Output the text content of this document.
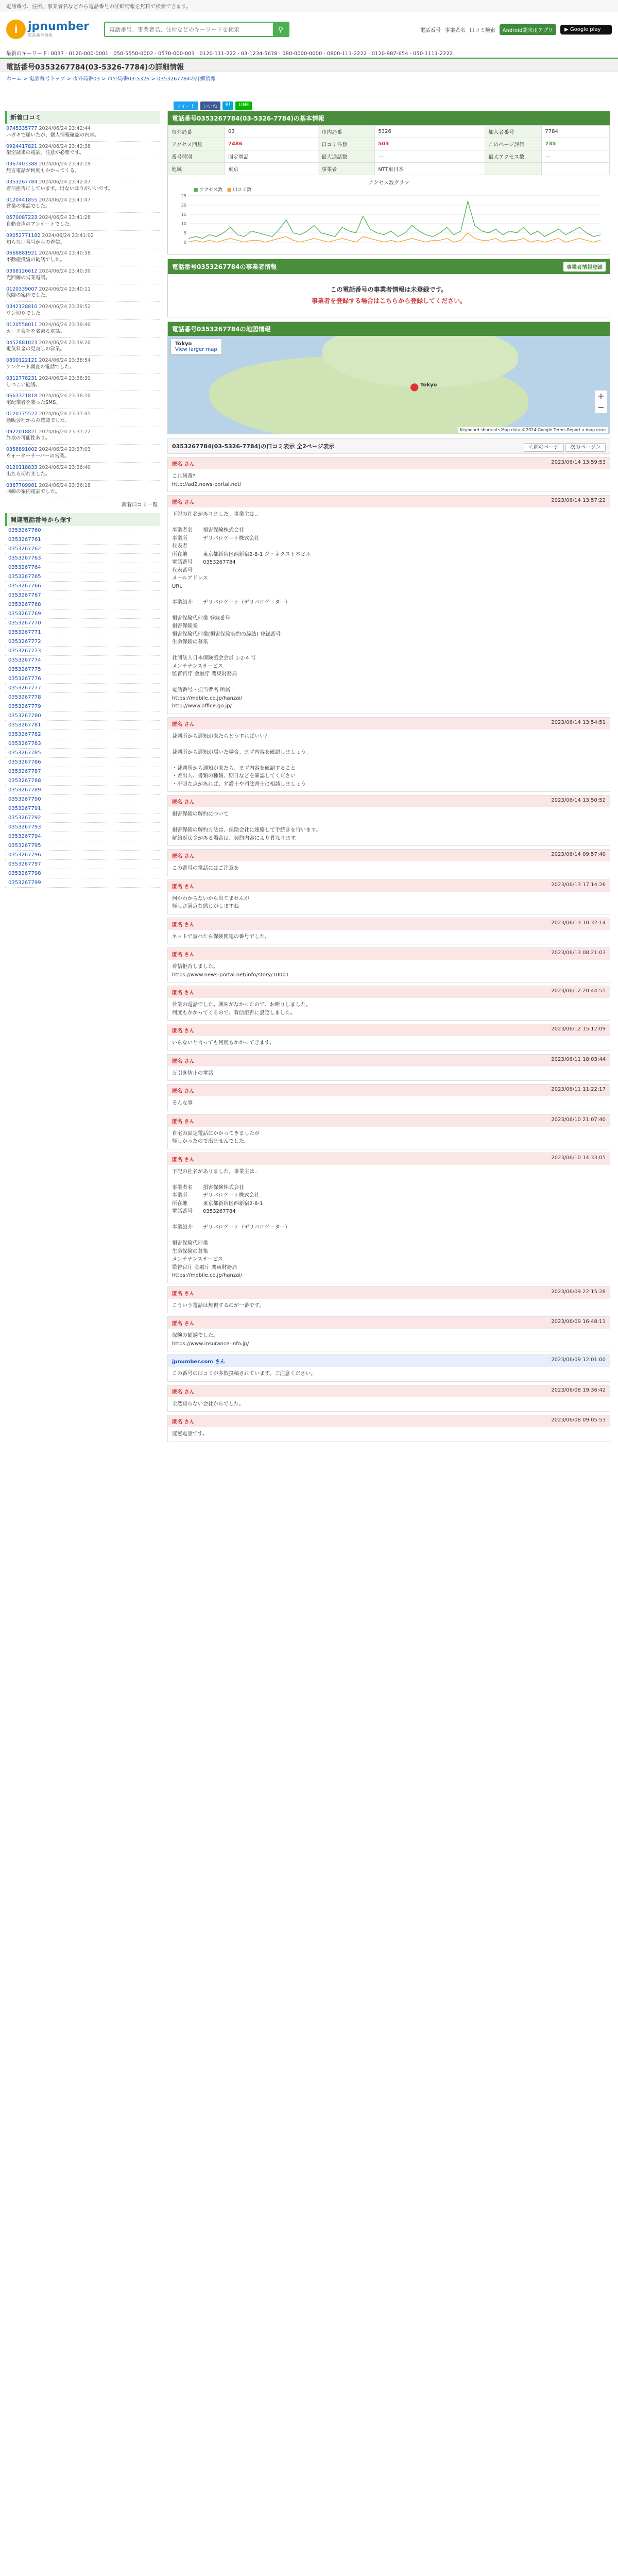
電話番号、住所、事業者名などから電話番号の詳細情報を無料で検索できます。
i jpnumber
電話番号検索
電話番号、事業者名、住所などのキーワードを検索
⚲	電話番号 事業者名 口コミ検索	Android端末用アプリ	▶ Google play
最新のキーワード: 0037 · 0120-000-0001 · 050-5550-0002 · 0570-000-003 · 0120-111-222 · 03-1234-5678 · 080-0000-0000 · 0800-111-2222 · 0120-987-654 · 050-1111-2222
電話番号0353267784(03-5326-7784)の詳細情報
ホーム > 電話番号トップ > 市外局番03 > 市外局番03-5326 > 0353267784の詳細情報
ツイート	いいね	B!	LINE
新着口コミ
0745335777 2024/06/24 23:42:44
ハガキで届いたが、個人情報確認の内容。
0924417821 2024/06/24 23:42:38
架空請求の電話。注意が必要です。
0367403388 2024/06/24 23:42:19
無言電話が何度もかかってくる。
0353267784 2024/06/24 23:42:07
着信拒否にしています。出ないほうがいいです。
0120441855 2024/06/24 23:41:47
営業の電話でした。
0570087223 2024/06/24 23:41:28
自動音声のアンケートでした。
09052771182 2024/06/24 23:41:02
知らない番号からの着信。
0668881921 2024/06/24 23:40:58
不動産投資の勧誘でした。
0368126612 2024/06/24 23:40:30
光回線の営業電話。
0120339007 2024/06/24 23:40:11
保険の案内でした。
0342128810 2024/06/24 23:39:52
ワン切りでした。
0120558011 2024/06/24 23:39:40
カード会社を名乗る電話。
0452881023 2024/06/24 23:39:20
電気料金の見直しの営業。
0800122121 2024/06/24 23:38:54
アンケート調査の電話でした。
0312778231 2024/06/24 23:38:31
しつこい勧誘。
0663321818 2024/06/24 23:38:10
宅配業者を装ったSMS。
0120775522 2024/06/24 23:37:45
通販会社からの確認でした。
0922018821 2024/06/24 23:37:22
詐欺の可能性あり。
0358891002 2024/06/24 23:37:03
ウォーターサーバーの営業。
0120118833 2024/06/24 23:36:40
出たら切れました。
0367709981 2024/06/24 23:36:18
回線の案内電話でした。
新着口コミ一覧
関連電話番号から探す
0353267760
0353267761
0353267762
0353267763
0353267764
0353267765
0353267766
0353267767
0353267768
0353267769
0353267770
0353267771
0353267772
0353267773
0353267774
0353267775
0353267776
0353267777
0353267778
0353267779
0353267780
0353267781
0353267782
0353267783
0353267785
0353267786
0353267787
0353267788
0353267789
0353267790
0353267791
0353267792
0353267793
0353267794
0353267795
0353267796
0353267797
0353267798
0353267799
電話番号0353267784(03-5326-7784)の基本情報
市外局番	03	市内局番	5326	加入者番号	7784
アクセス回数	7486	口コミ件数	503	このページ評価	735
番号種別	固定電話	最大通話数	ー	最大アクセス数	ー
地域	東京	事業者	NTT東日本		
アクセス数グラフ
■ アクセス数 ■ 口コミ数
0
5
10
15
20
25
電話番号0353267784の事業者情報	事業者情報登録
この電話番号の事業者情報は未登録です。
事業者を登録する場合はこちらから登録してください。
電話番号0353267784の地図情報
Tokyo
View larger map
● Tokyo
+
−
Keyboard shortcuts Map data ©2024 Google Terms Report a map error
0353267784(03-5326-7784)の口コミ表示 全2ページ表示	＜前のページ 次のページ＞
匿名 さん	2023/06/14 13:59:53
これ何番?
http://ad2.news-portal.net/
匿名 さん	2023/06/14 13:57:22
下記の社名がありました。事業主は‥

事業者名　　損害保険株式会社
事業所　　　デリバロゲート株式会社
代表者
所在地　　　東京都新宿区西新宿2-8-1 ジ・ネクスト本ビル
電話番号　　0353267784
代表番号
メールアドレス
URL

事業紹介　　デリバロゲート（デリバロゲーター）

損害保険代理業 登録番号
損害保険業
損害保険代理業(損害保険契約の締結) 登録番号
生命保険の募集

社団法人日本保険協会会員 1-2-4 号
メンテナンスサービス
監督官庁 金融庁 関東財務局

電話番号・担当者名 所属
https://mobile.co.jp/hanzai/
http://www.office.go.jp/
匿名 さん	2023/06/14 13:54:51
裁判所から通知が来たらどうすればいい？

裁判所から通知が届いた場合、まず内容を確認しましょう。

・裁判所から通知が来たら、まず内容を確認すること
・差出人、書類の種類、期日などを確認してください
・不明な点があれば、弁護士や司法書士に相談しましょう
匿名 さん	2023/06/14 13:50:52
損害保険の解約について

損害保険の解約方法は、保険会社に連絡して手続きを行います。
解約返戻金がある場合は、契約内容により異なります。
匿名 さん	2023/06/14 09:57:40
この番号の電話にはご注意を
匿名 さん	2023/06/13 17:14:26
何かわからないから出てませんが
怪しさ満点な感じがしますね
匿名 さん	2023/06/13 10:32:14
ネットで調べたら保険関連の番号でした。
匿名 さん	2023/06/13 08:21:03
着信拒否しました。
https://www.news-portal.net/info/story/10001
匿名 さん	2023/06/12 20:44:51
営業の電話でした。興味がなかったので、お断りしました。
何度もかかってくるので、着信拒否に設定しました。
匿名 さん	2023/06/12 15:12:09
いらないと言っても何度もかかってきます。
匿名 さん	2023/06/11 18:03:44
万引き防止の電話
匿名 さん	2023/06/11 11:22:17
そんな事
匿名 さん	2023/06/10 21:07:40
自宅の固定電話にかかってきましたが
怪しかったので出ませんでした。
匿名 さん	2023/06/10 14:33:05
下記の社名がありました。事業主は‥

事業者名　　損害保険株式会社
事業所　　　デリバロゲート株式会社
所在地　　　東京都新宿区西新宿2-8-1
電話番号　　0353267784

事業紹介　　デリバロゲート（デリバロゲーター）

損害保険代理業
生命保険の募集
メンテナンスサービス
監督官庁 金融庁 関東財務局
https://mobile.co.jp/hanzai/
匿名 さん	2023/06/09 22:15:28
こういう電話は無視するのが一番です。
匿名 さん	2023/06/09 16:48:11
保険の勧誘でした。
https://www.insurance-info.jp/
jpnumber.com さん	2023/06/09 12:01:00
この番号の口コミが多数投稿されています。ご注意ください。
匿名 さん	2023/06/08 19:36:42
全然知らない会社からでした。
匿名 さん	2023/06/08 09:05:53
迷惑電話です。
